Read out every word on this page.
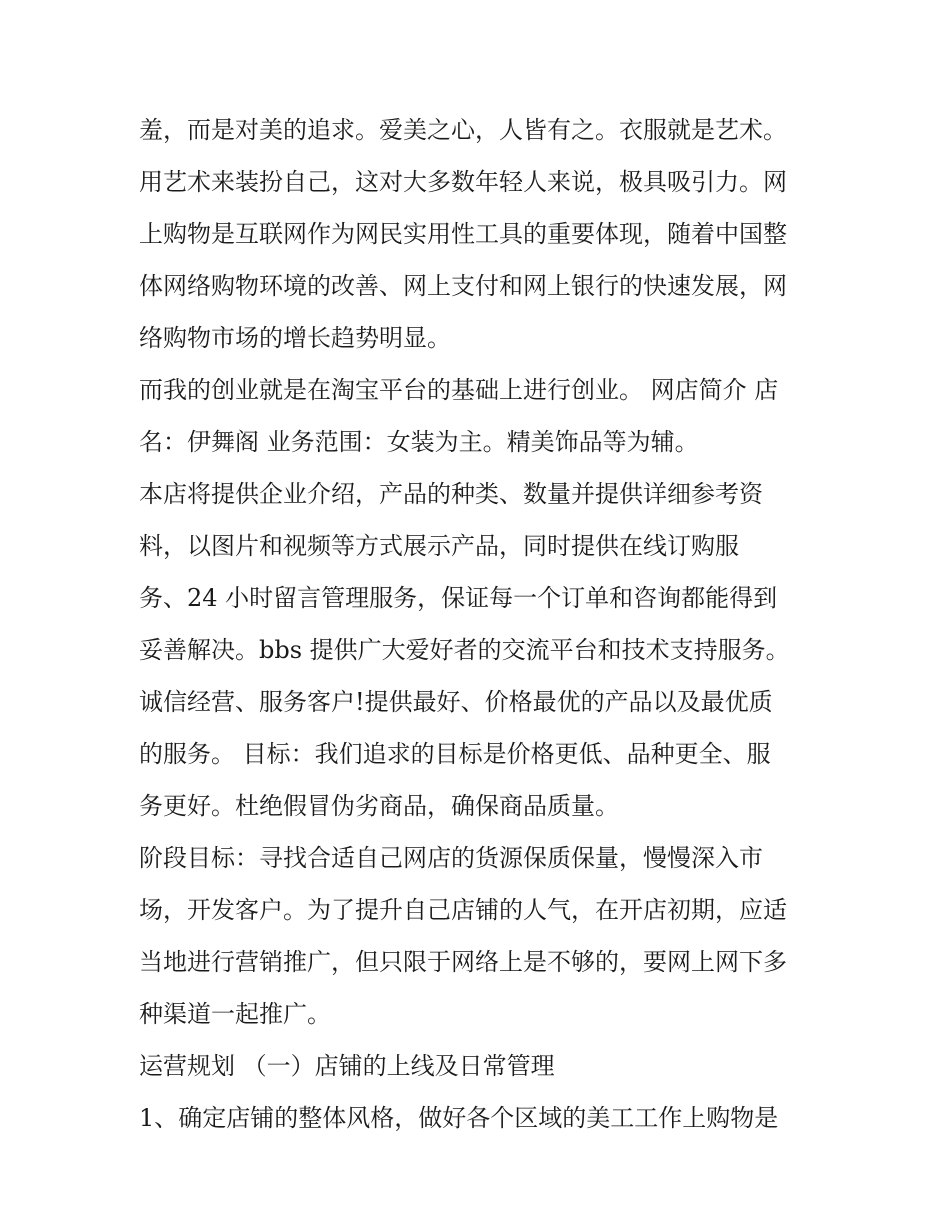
羞，而是对美的追求。爱美之心，人皆有之。衣服就是艺术。
用艺术来装扮自己，这对大多数年轻人来说，极具吸引力。网
上购物是互联网作为网民实用性工具的重要体现，随着中国整
体网络购物环境的改善、网上支付和网上银行的快速发展，网
络购物市场的增长趋势明显。
而我的创业就是在淘宝平台的基础上进行创业。 网店简介 店
名：伊舞阁 业务范围：女装为主。精美饰品等为辅。
本店将提供企业介绍，产品的种类、数量并提供详细参考资
料，以图片和视频等方式展示产品，同时提供在线订购服
务、24 小时留言管理服务，保证每一个订单和咨询都能得到
妥善解决。bbs 提供广大爱好者的交流平台和技术支持服务。
诚信经营、服务客户!提供最好、价格最优的产品以及最优质
的服务。 目标：我们追求的目标是价格更低、品种更全、服
务更好。杜绝假冒伪劣商品，确保商品质量。
阶段目标：寻找合适自己网店的货源保质保量，慢慢深入市
场，开发客户。为了提升自己店铺的人气，在开店初期，应适
当地进行营销推广，但只限于网络上是不够的，要网上网下多
种渠道一起推广。
运营规划 （一）店铺的上线及日常管理
1、确定店铺的整体风格，做好各个区域的美工工作上购物是
